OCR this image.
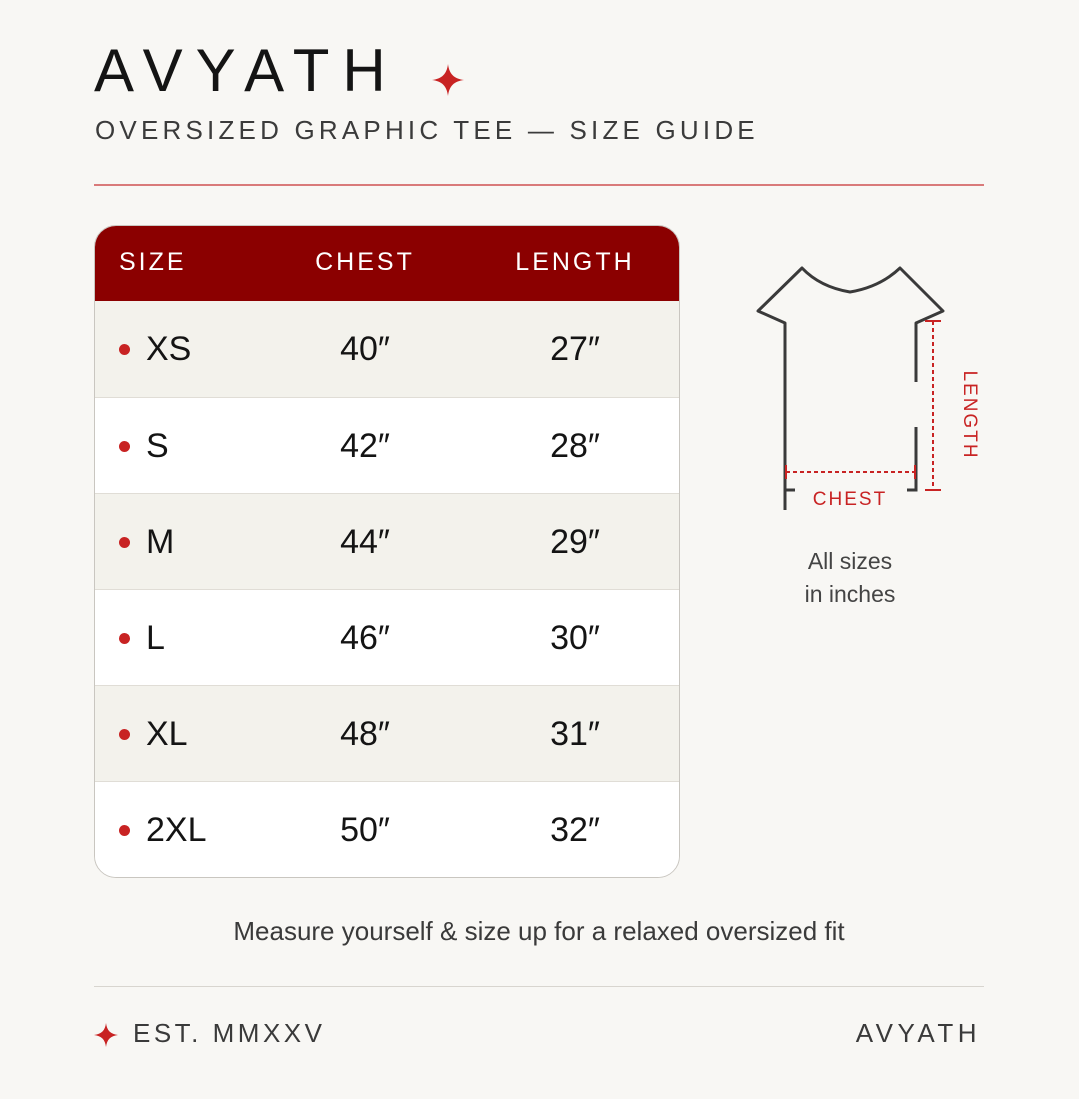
AVYATH
OVERSIZED GRAPHIC TEE — SIZE GUIDE
SIZE	CHEST	LENGTH
XS	40″	27″
S	42″	28″
M	44″	29″
L	46″	30″
XL	48″	31″
2XL	50″	32″
CHEST
LENGTH
All sizes
in inches
Measure yourself & size up for a relaxed oversized fit
EST. MMXXV	AVYATH
